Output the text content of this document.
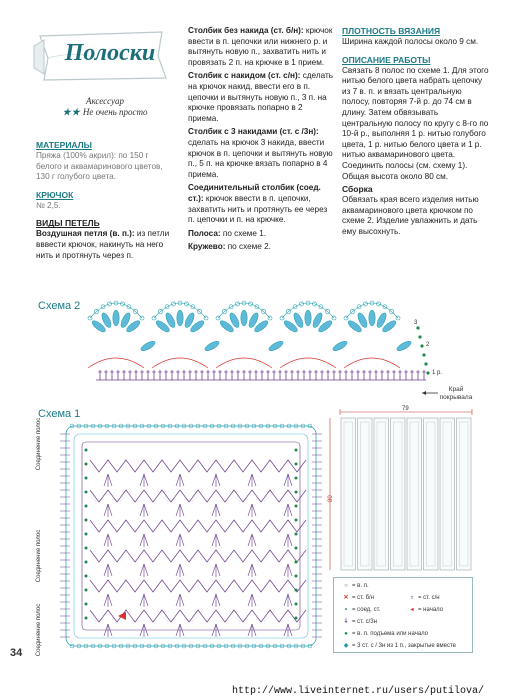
Полоски
Аксессуар
★★ Не очень просто
МАТЕРИАЛЫ
Пряжа (100% акрил): по 150 г белого и аквамаринового цветов, 130 г голубого цвета.
КРЮЧОК
№ 2,5.
ВИДЫ ПЕТЕЛЬ
Воздушная петля (в. п.): из петли вввести крючок, накинуть на него нить и протянуть через п.
Столбик без накида (ст. б/н): крючок ввести в п. цепочки или нижнего р. и вытянуть новую п., захватить нить и провязать 2 п. на крючке в 1 прием.
Столбик с накидом (ст. с/н): сделать на крючок накид, ввести его в п. цепочки и вытянуть новую п., 3 п. на крючке провязать попарно в 2 приема.
Столбик с 3 накидами (ст. с /3н): сделать на крючок 3 накида, ввести крючок в п. цепочки и вытянуть новую п., 5 п. на крючке вязать попарно в 4 приема.
Соединительный столбик (соед. ст.): крючок ввести в п. цепочки, захватить нить и протянуть ее через п. цепочки и п. на крючке.
Полоса: по схеме 1.
Кружево: по схеме 2.
ПЛОТНОСТЬ ВЯЗАНИЯ
Ширина каждой полосы около 9 см.
ОПИСАНИЕ РАБОТЫ
Связать 8 полос по схеме 1. Для этого нитью белого цвета набрать цепочку из 7 в. п. и вязать центральную полосу, повторяя 7-й р. до 74 см в длину. Затем обвязывать центральную полосу по кругу с 8-го по 10-й р., выполняя 1 р. нитью голубого цвета, 1 р. нитью белого цвета и 1 р. нитью аквамаринового цвета. Соединить полосы (см. схему 1). Общая высота около 80 см.
Сборка
Обвязать края всего изделия нитью аквамаринового цвета крючком по схеме 2. Изделие увлажнить и дать ему высохнуть.
Схема 2
3
2
1 р.
Край покрывала
Схема 1
Соединение полос
Соединение полос
Соединение полос
79
80
○ = в. п.
✕ = ст. б/н	⸗ = ст. с/н
• = соед. ст.	◂ = начало
⸸ = ст. с/3н
● = в. п. подъема или начало
◆ = 3 ст. с / 3н из 1 п., закрытые вместе
34
http://www.liveinternet.ru/users/putilova/
